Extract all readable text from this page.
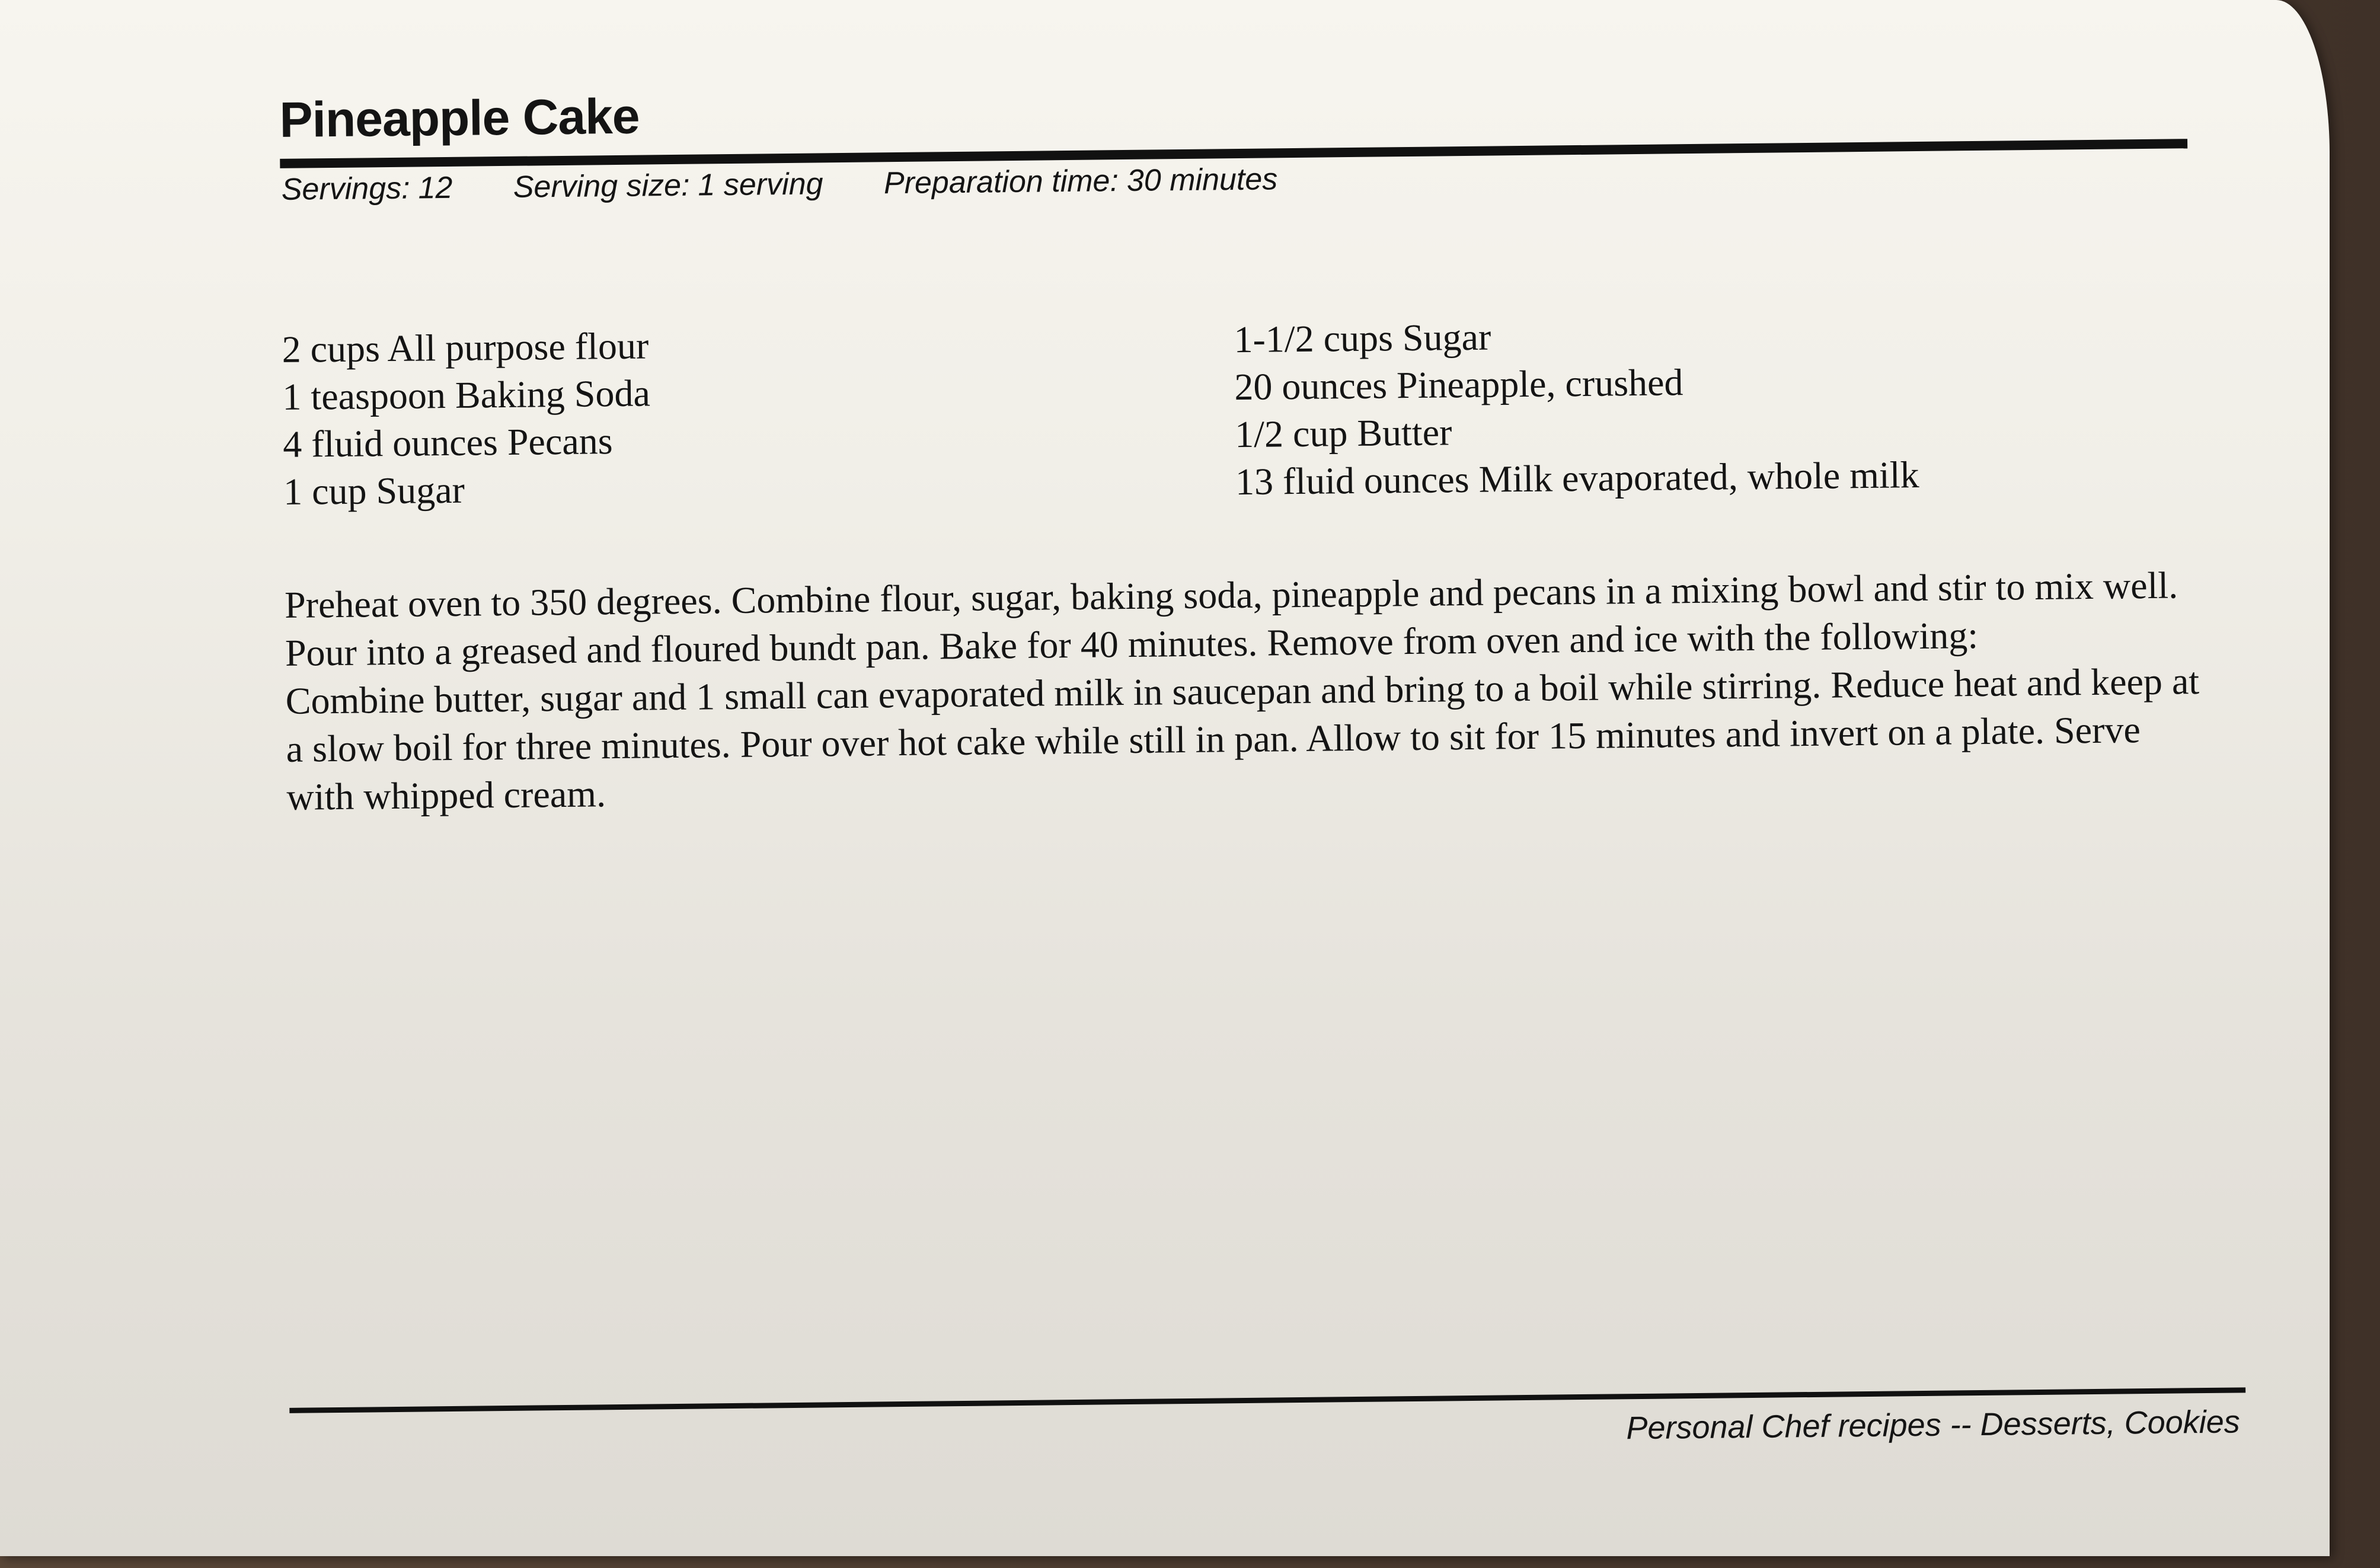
Pineapple Cake
Servings: 12 Serving size: 1 serving Preparation time: 30 minutes
2 cups All purpose flour
1 teaspoon Baking Soda
4 fluid ounces Pecans
1 cup Sugar
1-1/2 cups Sugar
20 ounces Pineapple, crushed
1/2 cup Butter
13 fluid ounces Milk evaporated, whole milk

Preheat oven to 350 degrees. Combine flour, sugar, baking soda, pineapple and pecans in a mixing bowl and stir to mix well. Pour into a greased and floured bundt pan. Bake for 40 minutes. Remove from oven and ice with the following:

Combine butter, sugar and 1 small can evaporated milk in saucepan and bring to a boil while stirring. Reduce heat and keep at a slow boil for three minutes. Pour over hot cake while still in pan. Allow to sit for 15 minutes and invert on a plate. Serve with whipped cream.

Personal Chef recipes -- Desserts, Cookies
